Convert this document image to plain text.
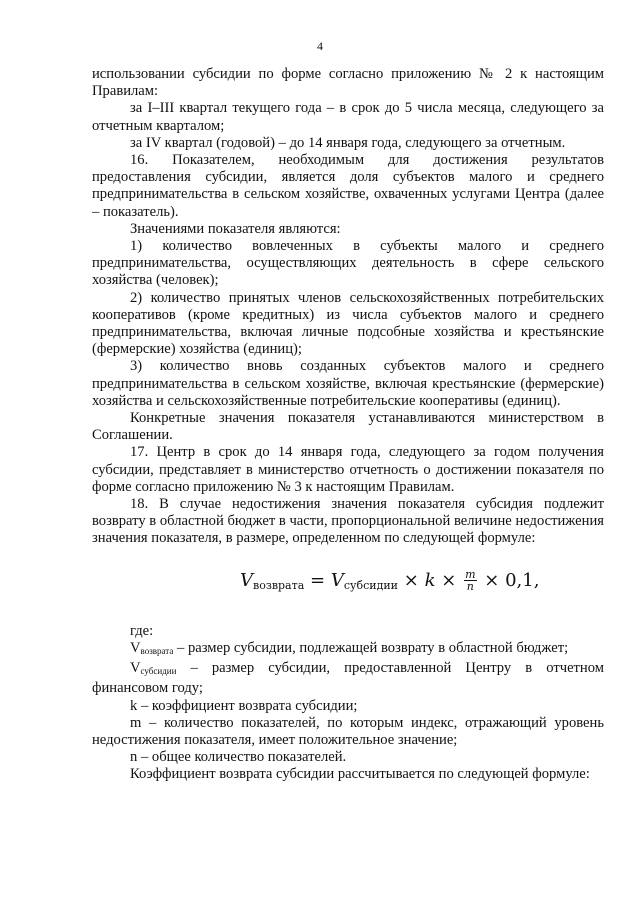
4

использовании субсидии по форме согласно приложению № 2 к настоящим Правилам:

за I–III квартал текущего года – в срок до 5 числа месяца, следующего за отчетным кварталом;

за IV квартал (годовой) – до 14 января года, следующего за отчетным.

16. Показателем, необходимым для достижения результатов предоставления субсидии, является доля субъектов малого и среднего предпринимательства в сельском хозяйстве, охваченных услугами Центра (далее – показатель).

Значениями показателя являются:

1) количество вовлеченных в субъекты малого и среднего предпринимательства, осуществляющих деятельность в сфере сельского хозяйства (человек);

2) количество принятых членов сельскохозяйственных потребительских кооперативов (кроме кредитных) из числа субъектов малого и среднего предпринимательства, включая личные подсобные хозяйства и крестьянские (фермерские) хозяйства (единиц);

3) количество вновь созданных субъектов малого и среднего предпринимательства в сельском хозяйстве, включая крестьянские (фермерские) хозяйства и сельскохозяйственные потребительские кооперативы (единиц).

Конкретные значения показателя устанавливаются министерством в Соглашении.

17. Центр в срок до 14 января года, следующего за годом получения субсидии, представляет в министерство отчетность о достижении показателя по форме согласно приложению № 3 к настоящим Правилам.

18. В случае недостижения значения показателя субсидия подлежит возврату в областной бюджет в части, пропорциональной величине недостижения значения показателя, в размере, определенном по следующей формуле:

$V_{возврата} = V_{субсидии} \times k \times \frac{m}{n} \times 0,1$,

где:

Vвозврата – размер субсидии, подлежащей возврату в областной бюджет;

Vсубсидии – размер субсидии, предоставленной Центру в отчетном финансовом году;

k – коэффициент возврата субсидии;

m – количество показателей, по которым индекс, отражающий уровень недостижения показателя, имеет положительное значение;

n – общее количество показателей.

Коэффициент возврата субсидии рассчитывается по следующей формуле:
